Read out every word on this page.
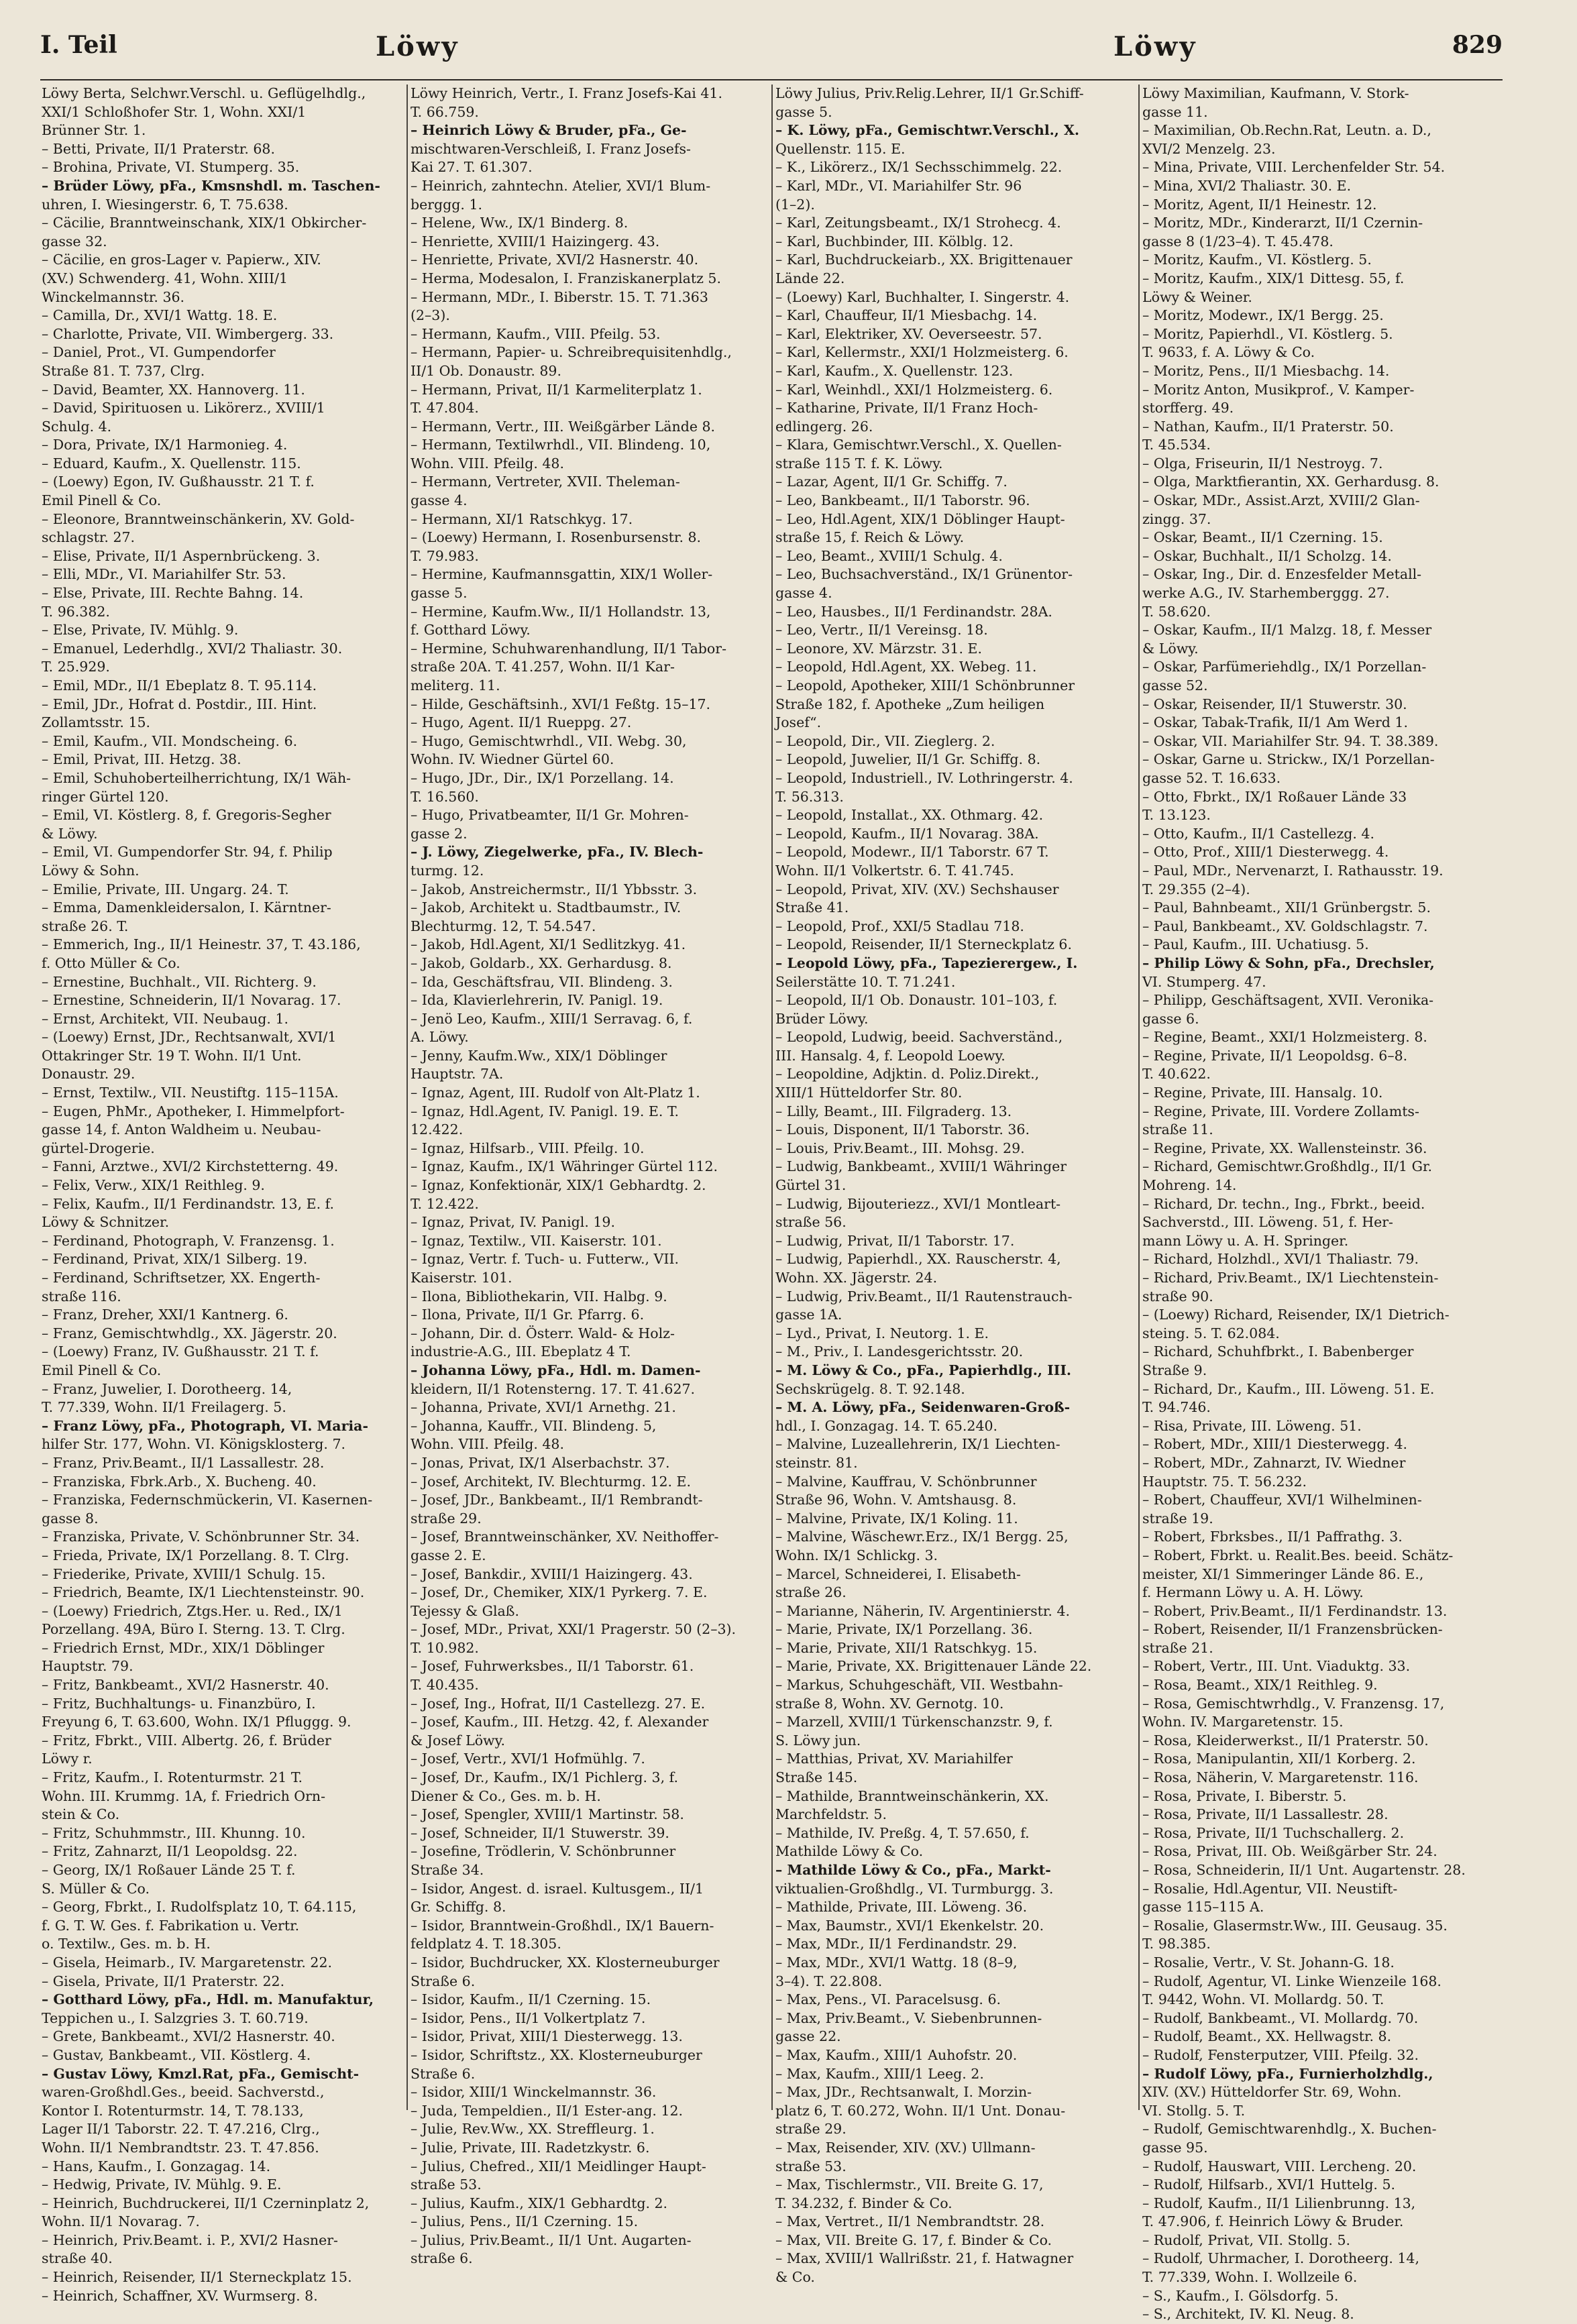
I. Teil	Löwy	Löwy	829
Löwy Berta, Selchwr.Verschl. u. Geflügelhdlg.,
XXI/1 Schloßhofer Str. 1, Wohn. XXI/1
Brünner Str. 1.
– Betti, Private, II/1 Praterstr. 68.
– Brohina, Private, VI. Stumperg. 35.
– Brüder Löwy, pFa., Kmsnshdl. m. Taschen-
uhren, I. Wiesingerstr. 6, T. 75.638.
– Cäcilie, Branntweinschank, XIX/1 Obkircher-
gasse 32.
– Cäcilie, en gros-Lager v. Papierw., XIV.
(XV.) Schwenderg. 41, Wohn. XIII/1
Winckelmannstr. 36.
– Camilla, Dr., XVI/1 Wattg. 18. E.
– Charlotte, Private, VII. Wimbergerg. 33.
– Daniel, Prot., VI. Gumpendorfer
Straße 81. T. 737, Clrg.
– David, Beamter, XX. Hannoverg. 11.
– David, Spirituosen u. Likörerz., XVIII/1
Schulg. 4.
– Dora, Private, IX/1 Harmonieg. 4.
– Eduard, Kaufm., X. Quellenstr. 115.
– (Loewy) Egon, IV. Gußhausstr. 21 T. f.
Emil Pinell & Co.
– Eleonore, Branntweinschänkerin, XV. Gold-
schlagstr. 27.
– Elise, Private, II/1 Aspernbrückeng. 3.
– Elli, MDr., VI. Mariahilfer Str. 53.
– Else, Private, III. Rechte Bahng. 14.
T. 96.382.
– Else, Private, IV. Mühlg. 9.
– Emanuel, Lederhdlg., XVI/2 Thaliastr. 30.
T. 25.929.
– Emil, MDr., II/1 Ebeplatz 8. T. 95.114.
– Emil, JDr., Hofrat d. Postdir., III. Hint.
Zollamtsstr. 15.
– Emil, Kaufm., VII. Mondscheing. 6.
– Emil, Privat, III. Hetzg. 38.
– Emil, Schuhoberteilherrichtung, IX/1 Wäh-
ringer Gürtel 120.
– Emil, VI. Köstlerg. 8, f. Gregoris-Segher
& Löwy.
– Emil, VI. Gumpendorfer Str. 94, f. Philip
Löwy & Sohn.
– Emilie, Private, III. Ungarg. 24. T.
– Emma, Damenkleidersalon, I. Kärntner-
straße 26. T.
– Emmerich, Ing., II/1 Heinestr. 37, T. 43.186,
f. Otto Müller & Co.
– Ernestine, Buchhalt., VII. Richterg. 9.
– Ernestine, Schneiderin, II/1 Novarag. 17.
– Ernst, Architekt, VII. Neubaug. 1.
– (Loewy) Ernst, JDr., Rechtsanwalt, XVI/1
Ottakringer Str. 19 T. Wohn. II/1 Unt.
Donaustr. 29.
– Ernst, Textilw., VII. Neustiftg. 115–115A.
– Eugen, PhMr., Apotheker, I. Himmelpfort-
gasse 14, f. Anton Waldheim u. Neubau-
gürtel-Drogerie.
– Fanni, Arztwe., XVI/2 Kirchstetterng. 49.
– Felix, Verw., XIX/1 Reithleg. 9.
– Felix, Kaufm., II/1 Ferdinandstr. 13, E. f.
Löwy & Schnitzer.
– Ferdinand, Photograph, V. Franzensg. 1.
– Ferdinand, Privat, XIX/1 Silberg. 19.
– Ferdinand, Schriftsetzer, XX. Engerth-
straße 116.
– Franz, Dreher, XXI/1 Kantnerg. 6.
– Franz, Gemischtwhdlg., XX. Jägerstr. 20.
– (Loewy) Franz, IV. Gußhausstr. 21 T. f.
Emil Pinell & Co.
– Franz, Juwelier, I. Dorotheerg. 14,
T. 77.339, Wohn. II/1 Freilagerg. 5.
– Franz Löwy, pFa., Photograph, VI. Maria-
hilfer Str. 177, Wohn. VI. Königsklosterg. 7.
– Franz, Priv.Beamt., II/1 Lassallestr. 28.
– Franziska, Fbrk.Arb., X. Bucheng. 40.
– Franziska, Federnschmückerin, VI. Kasernen-
gasse 8.
– Franziska, Private, V. Schönbrunner Str. 34.
– Frieda, Private, IX/1 Porzellang. 8. T. Clrg.
– Friederike, Private, XVIII/1 Schulg. 15.
– Friedrich, Beamte, IX/1 Liechtensteinstr. 90.
– (Loewy) Friedrich, Ztgs.Her. u. Red., IX/1
Porzellang. 49A, Büro I. Sterng. 13. T. Clrg.
– Friedrich Ernst, MDr., XIX/1 Döblinger
Hauptstr. 79.
– Fritz, Bankbeamt., XVI/2 Hasnerstr. 40.
– Fritz, Buchhaltungs- u. Finanzbüro, I.
Freyung 6, T. 63.600, Wohn. IX/1 Pfluggg. 9.
– Fritz, Fbrkt., VIII. Albertg. 26, f. Brüder
Löwy r.
– Fritz, Kaufm., I. Rotenturmstr. 21 T.
Wohn. III. Krummg. 1A, f. Friedrich Orn-
stein & Co.
– Fritz, Schuhmmstr., III. Khunng. 10.
– Fritz, Zahnarzt, II/1 Leopoldsg. 22.
– Georg, IX/1 Roßauer Lände 25 T. f.
S. Müller & Co.
– Georg, Fbrkt., I. Rudolfsplatz 10, T. 64.115,
f. G. T. W. Ges. f. Fabrikation u. Vertr.
o. Textilw., Ges. m. b. H.
– Gisela, Heimarb., IV. Margaretenstr. 22.
– Gisela, Private, II/1 Praterstr. 22.
– Gotthard Löwy, pFa., Hdl. m. Manufaktur,
Teppichen u., I. Salzgries 3. T. 60.719.
– Grete, Bankbeamt., XVI/2 Hasnerstr. 40.
– Gustav, Bankbeamt., VII. Köstlerg. 4.
– Gustav Löwy, Kmzl.Rat, pFa., Gemischt-
waren-Großhdl.Ges., beeid. Sachverstd.,
Kontor I. Rotenturmstr. 14, T. 78.133,
Lager II/1 Taborstr. 22. T. 47.216, Clrg.,
Wohn. II/1 Nembrandtstr. 23. T. 47.856.
– Hans, Kaufm., I. Gonzagag. 14.
– Hedwig, Private, IV. Mühlg. 9. E.
– Heinrich, Buchdruckerei, II/1 Czerninplatz 2,
Wohn. II/1 Novarag. 7.
– Heinrich, Priv.Beamt. i. P., XVI/2 Hasner-
straße 40.
– Heinrich, Reisender, II/1 Sterneckplatz 15.
– Heinrich, Schaffner, XV. Wurmserg. 8.
Löwy Heinrich, Vertr., I. Franz Josefs-Kai 41.
T. 66.759.
– Heinrich Löwy & Bruder, pFa., Ge-
mischtwaren-Verschleiß, I. Franz Josefs-
Kai 27. T. 61.307.
– Heinrich, zahntechn. Atelier, XVI/1 Blum-
berggg. 1.
– Helene, Ww., IX/1 Binderg. 8.
– Henriette, XVIII/1 Haizingerg. 43.
– Henriette, Private, XVI/2 Hasnerstr. 40.
– Herma, Modesalon, I. Franziskanerplatz 5.
– Hermann, MDr., I. Biberstr. 15. T. 71.363
(2–3).
– Hermann, Kaufm., VIII. Pfeilg. 53.
– Hermann, Papier- u. Schreibrequisitenhdlg.,
II/1 Ob. Donaustr. 89.
– Hermann, Privat, II/1 Karmeliterplatz 1.
T. 47.804.
– Hermann, Vertr., III. Weißgärber Lände 8.
– Hermann, Textilwrhdl., VII. Blindeng. 10,
Wohn. VIII. Pfeilg. 48.
– Hermann, Vertreter, XVII. Theleman-
gasse 4.
– Hermann, XI/1 Ratschkyg. 17.
– (Loewy) Hermann, I. Rosenbursenstr. 8.
T. 79.983.
– Hermine, Kaufmannsgattin, XIX/1 Woller-
gasse 5.
– Hermine, Kaufm.Ww., II/1 Hollandstr. 13,
f. Gotthard Löwy.
– Hermine, Schuhwarenhandlung, II/1 Tabor-
straße 20A. T. 41.257, Wohn. II/1 Kar-
meliterg. 11.
– Hilde, Geschäftsinh., XVI/1 Feßtg. 15–17.
– Hugo, Agent. II/1 Rueppg. 27.
– Hugo, Gemischtwrhdl., VII. Webg. 30,
Wohn. IV. Wiedner Gürtel 60.
– Hugo, JDr., Dir., IX/1 Porzellang. 14.
T. 16.560.
– Hugo, Privatbeamter, II/1 Gr. Mohren-
gasse 2.
– J. Löwy, Ziegelwerke, pFa., IV. Blech-
turmg. 12.
– Jakob, Anstreichermstr., II/1 Ybbsstr. 3.
– Jakob, Architekt u. Stadtbaumstr., IV.
Blechturmg. 12, T. 54.547.
– Jakob, Hdl.Agent, XI/1 Sedlitzkyg. 41.
– Jakob, Goldarb., XX. Gerhardusg. 8.
– Ida, Geschäftsfrau, VII. Blindeng. 3.
– Ida, Klavierlehrerin, IV. Panigl. 19.
– Jenö Leo, Kaufm., XIII/1 Serravag. 6, f.
A. Löwy.
– Jenny, Kaufm.Ww., XIX/1 Döblinger
Hauptstr. 7A.
– Ignaz, Agent, III. Rudolf von Alt-Platz 1.
– Ignaz, Hdl.Agent, IV. Panigl. 19. E. T.
12.422.
– Ignaz, Hilfsarb., VIII. Pfeilg. 10.
– Ignaz, Kaufm., IX/1 Währinger Gürtel 112.
– Ignaz, Konfektionär, XIX/1 Gebhardtg. 2.
T. 12.422.
– Ignaz, Privat, IV. Panigl. 19.
– Ignaz, Textilw., VII. Kaiserstr. 101.
– Ignaz, Vertr. f. Tuch- u. Futterw., VII.
Kaiserstr. 101.
– Ilona, Bibliothekarin, VII. Halbg. 9.
– Ilona, Private, II/1 Gr. Pfarrg. 6.
– Johann, Dir. d. Österr. Wald- & Holz-
industrie-A.G., III. Ebeplatz 4 T.
– Johanna Löwy, pFa., Hdl. m. Damen-
kleidern, II/1 Rotensterng. 17. T. 41.627.
– Johanna, Private, XVI/1 Arnethg. 21.
– Johanna, Kauffr., VII. Blindeng. 5,
Wohn. VIII. Pfeilg. 48.
– Jonas, Privat, IX/1 Alserbachstr. 37.
– Josef, Architekt, IV. Blechturmg. 12. E.
– Josef, JDr., Bankbeamt., II/1 Rembrandt-
straße 29.
– Josef, Branntweinschänker, XV. Neithoffer-
gasse 2. E.
– Josef, Bankdir., XVIII/1 Haizingerg. 43.
– Josef, Dr., Chemiker, XIX/1 Pyrkerg. 7. E.
Tejessy & Glaß.
– Josef, MDr., Privat, XXI/1 Pragerstr. 50 (2–3).
T. 10.982.
– Josef, Fuhrwerksbes., II/1 Taborstr. 61.
T. 40.435.
– Josef, Ing., Hofrat, II/1 Castellezg. 27. E.
– Josef, Kaufm., III. Hetzg. 42, f. Alexander
& Josef Löwy.
– Josef, Vertr., XVI/1 Hofmühlg. 7.
– Josef, Dr., Kaufm., IX/1 Pichlerg. 3, f.
Diener & Co., Ges. m. b. H.
– Josef, Spengler, XVIII/1 Martinstr. 58.
– Josef, Schneider, II/1 Stuwerstr. 39.
– Josefine, Trödlerin, V. Schönbrunner
Straße 34.
– Isidor, Angest. d. israel. Kultusgem., II/1
Gr. Schiffg. 8.
– Isidor, Branntwein-Großhdl., IX/1 Bauern-
feldplatz 4. T. 18.305.
– Isidor, Buchdrucker, XX. Klosterneuburger
Straße 6.
– Isidor, Kaufm., II/1 Czerning. 15.
– Isidor, Pens., II/1 Volkertplatz 7.
– Isidor, Privat, XIII/1 Diesterwegg. 13.
– Isidor, Schriftstz., XX. Klosterneuburger
Straße 6.
– Isidor, XIII/1 Winckelmannstr. 36.
– Juda, Tempeldien., II/1 Ester-ang. 12.
– Julie, Rev.Ww., XX. Streffleurg. 1.
– Julie, Private, III. Radetzkystr. 6.
– Julius, Chefred., XII/1 Meidlinger Haupt-
straße 53.
– Julius, Kaufm., XIX/1 Gebhardtg. 2.
– Julius, Pens., II/1 Czerning. 15.
– Julius, Priv.Beamt., II/1 Unt. Augarten-
straße 6.
Löwy Julius, Priv.Relig.Lehrer, II/1 Gr.Schiff-
gasse 5.
– K. Löwy, pFa., Gemischtwr.Verschl., X.
Quellenstr. 115. E.
– K., Likörerz., IX/1 Sechsschimmelg. 22.
– Karl, MDr., VI. Mariahilfer Str. 96
(1–2).
– Karl, Zeitungsbeamt., IX/1 Strohecg. 4.
– Karl, Buchbinder, III. Kölblg. 12.
– Karl, Buchdruckeiarb., XX. Brigittenauer
Lände 22.
– (Loewy) Karl, Buchhalter, I. Singerstr. 4.
– Karl, Chauffeur, II/1 Miesbachg. 14.
– Karl, Elektriker, XV. Oeverseestr. 57.
– Karl, Kellermstr., XXI/1 Holzmeisterg. 6.
– Karl, Kaufm., X. Quellenstr. 123.
– Karl, Weinhdl., XXI/1 Holzmeisterg. 6.
– Katharine, Private, II/1 Franz Hoch-
edlingerg. 26.
– Klara, Gemischtwr.Verschl., X. Quellen-
straße 115 T. f. K. Löwy.
– Lazar, Agent, II/1 Gr. Schiffg. 7.
– Leo, Bankbeamt., II/1 Taborstr. 96.
– Leo, Hdl.Agent, XIX/1 Döblinger Haupt-
straße 15, f. Reich & Löwy.
– Leo, Beamt., XVIII/1 Schulg. 4.
– Leo, Buchsachverständ., IX/1 Grünentor-
gasse 4.
– Leo, Hausbes., II/1 Ferdinandstr. 28A.
– Leo, Vertr., II/1 Vereinsg. 18.
– Leonore, XV. Märzstr. 31. E.
– Leopold, Hdl.Agent, XX. Webeg. 11.
– Leopold, Apotheker, XIII/1 Schönbrunner
Straße 182, f. Apotheke „Zum heiligen
Josef“.
– Leopold, Dir., VII. Zieglerg. 2.
– Leopold, Juwelier, II/1 Gr. Schiffg. 8.
– Leopold, Industriell., IV. Lothringerstr. 4.
T. 56.313.
– Leopold, Installat., XX. Othmarg. 42.
– Leopold, Kaufm., II/1 Novarag. 38A.
– Leopold, Modewr., II/1 Taborstr. 67 T.
Wohn. II/1 Volkertstr. 6. T. 41.745.
– Leopold, Privat, XIV. (XV.) Sechshauser
Straße 41.
– Leopold, Prof., XXI/5 Stadlau 718.
– Leopold, Reisender, II/1 Sterneckplatz 6.
– Leopold Löwy, pFa., Tapezierergew., I.
Seilerstätte 10. T. 71.241.
– Leopold, II/1 Ob. Donaustr. 101–103, f.
Brüder Löwy.
– Leopold, Ludwig, beeid. Sachverständ.,
III. Hansalg. 4, f. Leopold Loewy.
– Leopoldine, Adjktin. d. Poliz.Direkt.,
XIII/1 Hütteldorfer Str. 80.
– Lilly, Beamt., III. Filgraderg. 13.
– Louis, Disponent, II/1 Taborstr. 36.
– Louis, Priv.Beamt., III. Mohsg. 29.
– Ludwig, Bankbeamt., XVIII/1 Währinger
Gürtel 31.
– Ludwig, Bijouteriezz., XVI/1 Montleart-
straße 56.
– Ludwig, Privat, II/1 Taborstr. 17.
– Ludwig, Papierhdl., XX. Rauscherstr. 4,
Wohn. XX. Jägerstr. 24.
– Ludwig, Priv.Beamt., II/1 Rautenstrauch-
gasse 1A.
– Lyd., Privat, I. Neutorg. 1. E.
– M., Priv., I. Landesgerichtsstr. 20.
– M. Löwy & Co., pFa., Papierhdlg., III.
Sechskrügelg. 8. T. 92.148.
– M. A. Löwy, pFa., Seidenwaren-Groß-
hdl., I. Gonzagag. 14. T. 65.240.
– Malvine, Luzeallehrerin, IX/1 Liechten-
steinstr. 81.
– Malvine, Kauffrau, V. Schönbrunner
Straße 96, Wohn. V. Amtshausg. 8.
– Malvine, Private, IX/1 Koling. 11.
– Malvine, Wäschewr.Erz., IX/1 Bergg. 25,
Wohn. IX/1 Schlickg. 3.
– Marcel, Schneiderei, I. Elisabeth-
straße 26.
– Marianne, Näherin, IV. Argentinierstr. 4.
– Marie, Private, IX/1 Porzellang. 36.
– Marie, Private, XII/1 Ratschkyg. 15.
– Marie, Private, XX. Brigittenauer Lände 22.
– Markus, Schuhgeschäft, VII. Westbahn-
straße 8, Wohn. XV. Gernotg. 10.
– Marzell, XVIII/1 Türkenschanzstr. 9, f.
S. Löwy jun.
– Matthias, Privat, XV. Mariahilfer
Straße 145.
– Mathilde, Branntweinschänkerin, XX.
Marchfeldstr. 5.
– Mathilde, IV. Preßg. 4, T. 57.650, f.
Mathilde Löwy & Co.
– Mathilde Löwy & Co., pFa., Markt-
viktualien-Großhdlg., VI. Turmburgg. 3.
– Mathilde, Private, III. Löweng. 36.
– Max, Baumstr., XVI/1 Ekenkelstr. 20.
– Max, MDr., II/1 Ferdinandstr. 29.
– Max, MDr., XVI/1 Wattg. 18 (8–9,
3–4). T. 22.808.
– Max, Pens., VI. Paracelsusg. 6.
– Max, Priv.Beamt., V. Siebenbrunnen-
gasse 22.
– Max, Kaufm., XIII/1 Auhofstr. 20.
– Max, Kaufm., XIII/1 Leeg. 2.
– Max, JDr., Rechtsanwalt, I. Morzin-
platz 6, T. 60.272, Wohn. II/1 Unt. Donau-
straße 29.
– Max, Reisender, XIV. (XV.) Ullmann-
straße 53.
– Max, Tischlermstr., VII. Breite G. 17,
T. 34.232, f. Binder & Co.
– Max, Vertret., II/1 Nembrandtstr. 28.
– Max, VII. Breite G. 17, f. Binder & Co.
– Max, XVIII/1 Wallrißstr. 21, f. Hatwagner
& Co.
Löwy Maximilian, Kaufmann, V. Stork-
gasse 11.
– Maximilian, Ob.Rechn.Rat, Leutn. a. D.,
XVI/2 Menzelg. 23.
– Mina, Private, VIII. Lerchenfelder Str. 54.
– Mina, XVI/2 Thaliastr. 30. E.
– Moritz, Agent, II/1 Heinestr. 12.
– Moritz, MDr., Kinderarzt, II/1 Czernin-
gasse 8 (1/23–4). T. 45.478.
– Moritz, Kaufm., VI. Köstlerg. 5.
– Moritz, Kaufm., XIX/1 Dittesg. 55, f.
Löwy & Weiner.
– Moritz, Modewr., IX/1 Bergg. 25.
– Moritz, Papierhdl., VI. Köstlerg. 5.
T. 9633, f. A. Löwy & Co.
– Moritz, Pens., II/1 Miesbachg. 14.
– Moritz Anton, Musikprof., V. Kamper-
storfferg. 49.
– Nathan, Kaufm., II/1 Praterstr. 50.
T. 45.534.
– Olga, Friseurin, II/1 Nestroyg. 7.
– Olga, Marktfierantin, XX. Gerhardusg. 8.
– Oskar, MDr., Assist.Arzt, XVIII/2 Glan-
zingg. 37.
– Oskar, Beamt., II/1 Czerning. 15.
– Oskar, Buchhalt., II/1 Scholzg. 14.
– Oskar, Ing., Dir. d. Enzesfelder Metall-
werke A.G., IV. Starhemberggg. 27.
T. 58.620.
– Oskar, Kaufm., II/1 Malzg. 18, f. Messer
& Löwy.
– Oskar, Parfümeriehdlg., IX/1 Porzellan-
gasse 52.
– Oskar, Reisender, II/1 Stuwerstr. 30.
– Oskar, Tabak-Trafik, II/1 Am Werd 1.
– Oskar, VII. Mariahilfer Str. 94. T. 38.389.
– Oskar, Garne u. Strickw., IX/1 Porzellan-
gasse 52. T. 16.633.
– Otto, Fbrkt., IX/1 Roßauer Lände 33
T. 13.123.
– Otto, Kaufm., II/1 Castellezg. 4.
– Otto, Prof., XIII/1 Diesterwegg. 4.
– Paul, MDr., Nervenarzt, I. Rathausstr. 19.
T. 29.355 (2–4).
– Paul, Bahnbeamt., XII/1 Grünbergstr. 5.
– Paul, Bankbeamt., XV. Goldschlagstr. 7.
– Paul, Kaufm., III. Uchatiusg. 5.
– Philip Löwy & Sohn, pFa., Drechsler,
VI. Stumperg. 47.
– Philipp, Geschäftsagent, XVII. Veronika-
gasse 6.
– Regine, Beamt., XXI/1 Holzmeisterg. 8.
– Regine, Private, II/1 Leopoldsg. 6–8.
T. 40.622.
– Regine, Private, III. Hansalg. 10.
– Regine, Private, III. Vordere Zollamts-
straße 11.
– Regine, Private, XX. Wallensteinstr. 36.
– Richard, Gemischtwr.Großhdlg., II/1 Gr.
Mohreng. 14.
– Richard, Dr. techn., Ing., Fbrkt., beeid.
Sachverstd., III. Löweng. 51, f. Her-
mann Löwy u. A. H. Springer.
– Richard, Holzhdl., XVI/1 Thaliastr. 79.
– Richard, Priv.Beamt., IX/1 Liechtenstein-
straße 90.
– (Loewy) Richard, Reisender, IX/1 Dietrich-
steing. 5. T. 62.084.
– Richard, Schuhfbrkt., I. Babenberger
Straße 9.
– Richard, Dr., Kaufm., III. Löweng. 51. E.
T. 94.746.
– Risa, Private, III. Löweng. 51.
– Robert, MDr., XIII/1 Diesterwegg. 4.
– Robert, MDr., Zahnarzt, IV. Wiedner
Hauptstr. 75. T. 56.232.
– Robert, Chauffeur, XVI/1 Wilhelminen-
straße 19.
– Robert, Fbrksbes., II/1 Paffrathg. 3.
– Robert, Fbrkt. u. Realit.Bes. beeid. Schätz-
meister, XI/1 Simmeringer Lände 86. E.,
f. Hermann Löwy u. A. H. Löwy.
– Robert, Priv.Beamt., II/1 Ferdinandstr. 13.
– Robert, Reisender, II/1 Franzensbrücken-
straße 21.
– Robert, Vertr., III. Unt. Viaduktg. 33.
– Rosa, Beamt., XIX/1 Reithleg. 9.
– Rosa, Gemischtwrhdlg., V. Franzensg. 17,
Wohn. IV. Margaretenstr. 15.
– Rosa, Kleiderwerkst., II/1 Praterstr. 50.
– Rosa, Manipulantin, XII/1 Korberg. 2.
– Rosa, Näherin, V. Margaretenstr. 116.
– Rosa, Private, I. Biberstr. 5.
– Rosa, Private, II/1 Lassallestr. 28.
– Rosa, Private, II/1 Tuchschallerg. 2.
– Rosa, Privat, III. Ob. Weißgärber Str. 24.
– Rosa, Schneiderin, II/1 Unt. Augartenstr. 28.
– Rosalie, Hdl.Agentur, VII. Neustift-
gasse 115–115 A.
– Rosalie, Glasermstr.Ww., III. Geusaug. 35.
T. 98.385.
– Rosalie, Vertr., V. St. Johann-G. 18.
– Rudolf, Agentur, VI. Linke Wienzeile 168.
T. 9442, Wohn. VI. Mollardg. 50. T.
– Rudolf, Bankbeamt., VI. Mollardg. 70.
– Rudolf, Beamt., XX. Hellwagstr. 8.
– Rudolf, Fensterputzer, VIII. Pfeilg. 32.
– Rudolf Löwy, pFa., Furnierholzhdlg.,
XIV. (XV.) Hütteldorfer Str. 69, Wohn.
VI. Stollg. 5. T.
– Rudolf, Gemischtwarenhdlg., X. Buchen-
gasse 95.
– Rudolf, Hauswart, VIII. Lercheng. 20.
– Rudolf, Hilfsarb., XVI/1 Huttelg. 5.
– Rudolf, Kaufm., II/1 Lilienbrunng. 13,
T. 47.906, f. Heinrich Löwy & Bruder.
– Rudolf, Privat, VII. Stollg. 5.
– Rudolf, Uhrmacher, I. Dorotheerg. 14,
T. 77.339, Wohn. I. Wollzeile 6.
– S., Kaufm., I. Gölsdorfg. 5.
– S., Architekt, IV. Kl. Neug. 8.
